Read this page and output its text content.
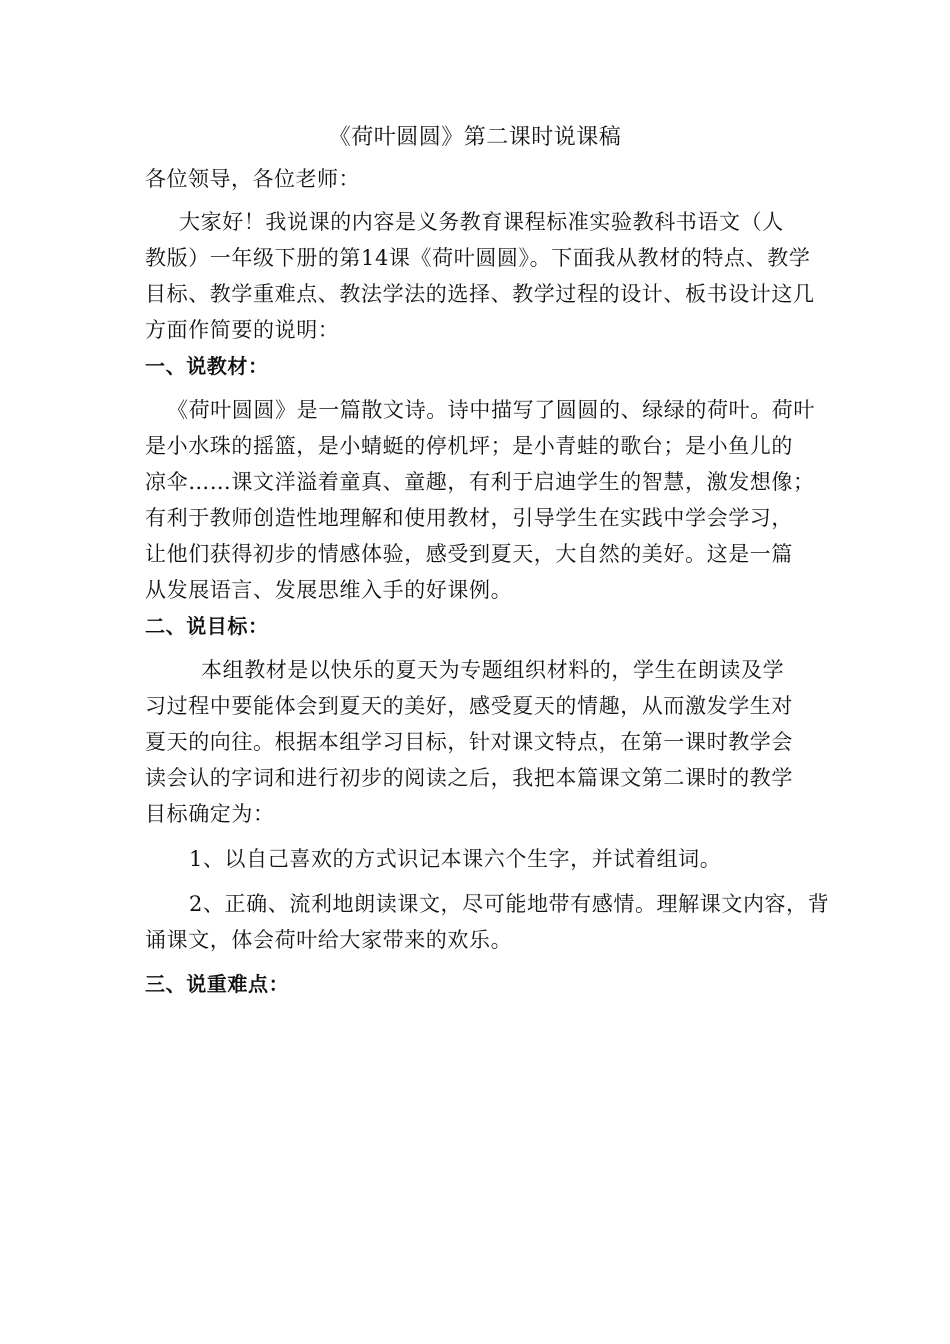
《荷叶圆圆》第二课时说课稿
各位领导，各位老师：
大家好！我说课的内容是义务教育课程标准实验教科书语文（人
教版）一年级下册的第14课《荷叶圆圆》。下面我从教材的特点、教学
目标、教学重难点、教法学法的选择、教学过程的设计、板书设计这几
方面作简要的说明：
一、说教材：
《荷叶圆圆》是一篇散文诗。诗中描写了圆圆的、绿绿的荷叶。荷叶
是小水珠的摇篮，是小蜻蜓的停机坪；是小青蛙的歌台；是小鱼儿的
凉伞……课文洋溢着童真、童趣，有利于启迪学生的智慧，激发想像；
有利于教师创造性地理解和使用教材，引导学生在实践中学会学习，
让他们获得初步的情感体验，感受到夏天，大自然的美好。这是一篇
从发展语言、发展思维入手的好课例。
二、说目标：
本组教材是以快乐的夏天为专题组织材料的，学生在朗读及学
习过程中要能体会到夏天的美好，感受夏天的情趣，从而激发学生对
夏天的向往。根据本组学习目标，针对课文特点，在第一课时教学会
读会认的字词和进行初步的阅读之后，我把本篇课文第二课时的教学
目标确定为：
1、以自己喜欢的方式识记本课六个生字，并试着组词。
2、正确、流利地朗读课文，尽可能地带有感情。理解课文内容，背
诵课文，体会荷叶给大家带来的欢乐。
三、说重难点：
